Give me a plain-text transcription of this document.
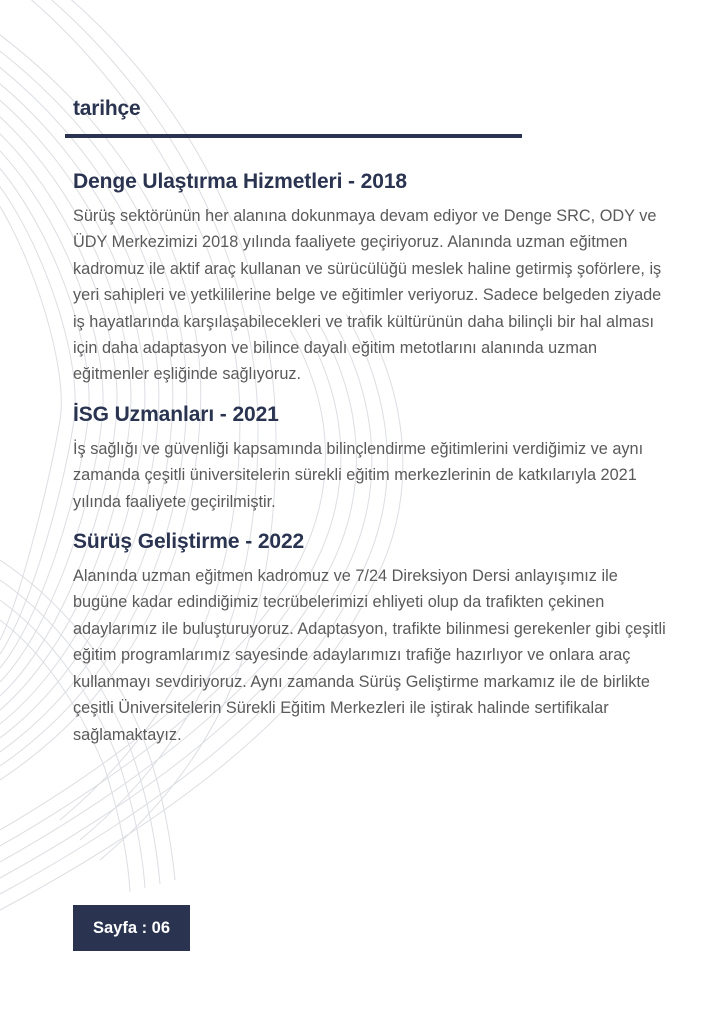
tarihçe
Denge Ulaştırma Hizmetleri - 2018

Sürüş sektörünün her alanına dokunmaya devam ediyor ve Denge SRC, ODY ve ÜDY Merkezimizi 2018 yılında faaliyete geçiriyoruz. Alanında uzman eğitmen kadromuz ile aktif araç kullanan ve sürücülüğü meslek haline getirmiş şoförlere, iş yeri sahipleri ve yetkililerine belge ve eğitimler veriyoruz. Sadece belgeden ziyade iş hayatlarında karşılaşabilecekleri ve trafik kültürünün daha bilinçli bir hal alması için daha adaptasyon ve bilince dayalı eğitim metotlarını alanında uzman eğitmenler eşliğinde sağlıyoruz.

İSG Uzmanları - 2021

İş sağlığı ve güvenliği kapsamında bilinçlendirme eğitimlerini verdiğimiz ve aynı zamanda çeşitli üniversitelerin sürekli eğitim merkezlerinin de katkılarıyla 2021 yılında faaliyete geçirilmiştir.

Sürüş Geliştirme - 2022

Alanında uzman eğitmen kadromuz ve 7/24 Direksiyon Dersi anlayışımız ile bugüne kadar edindiğimiz tecrübelerimizi ehliyeti olup da trafikten çekinen adaylarımız ile buluşturuyoruz. Adaptasyon, trafikte bilinmesi gerekenler gibi çeşitli eğitim programlarımız sayesinde adaylarımızı trafiğe hazırlıyor ve onlara araç kullanmayı sevdiriyoruz. Aynı zamanda Sürüş Geliştirme markamız ile de birlikte çeşitli Üniversitelerin Sürekli Eğitim Merkezleri ile iştirak halinde sertifikalar sağlamaktayız.

Sayfa : 06
